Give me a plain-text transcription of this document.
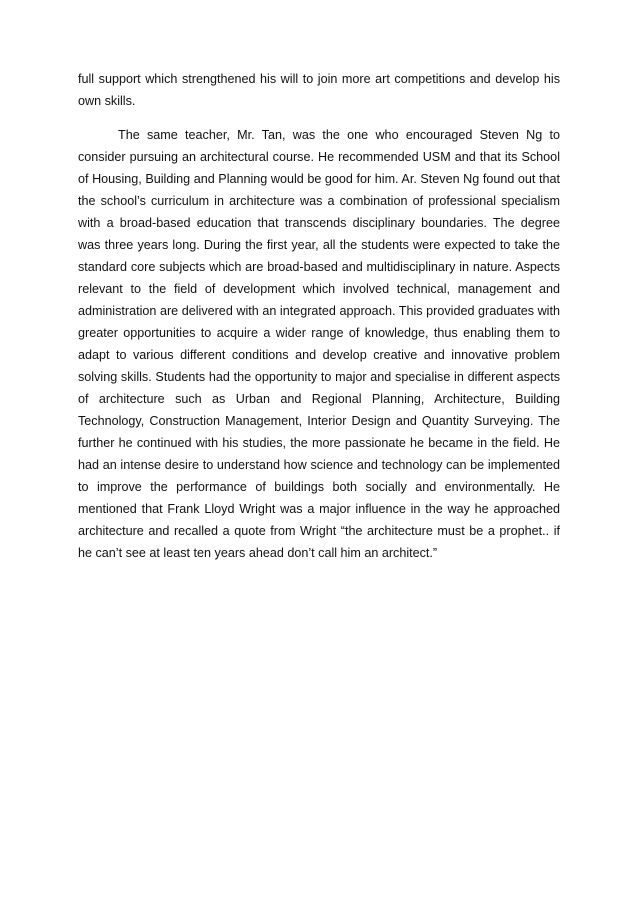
full support which strengthened his will to join more art competitions and develop his own skills.

The same teacher, Mr. Tan, was the one who encouraged Steven Ng to consider pursuing an architectural course. He recommended USM and that its School of Housing, Building and Planning would be good for him. Ar. Steven Ng found out that the school’s curriculum in architecture was a combination of professional specialism with a broad-based education that transcends disciplinary boundaries. The degree was three years long. During the first year, all the students were expected to take the standard core subjects which are broad-based and multidisciplinary in nature. Aspects relevant to the field of development which involved technical, management and administration are delivered with an integrated approach. This provided graduates with greater opportunities to acquire a wider range of knowledge, thus enabling them to adapt to various different conditions and develop creative and innovative problem solving skills. Students had the opportunity to major and specialise in different aspects of architecture such as Urban and Regional Planning, Architecture, Building Technology, Construction Management, Interior Design and Quantity Surveying. The further he continued with his studies, the more passionate he became in the field. He had an intense desire to understand how science and technology can be implemented to improve the performance of buildings both socially and environmentally. He mentioned that Frank Lloyd Wright was a major influence in the way he approached architecture and recalled a quote from Wright “the architecture must be a prophet.. if he can’t see at least ten years ahead don’t call him an architect.”
